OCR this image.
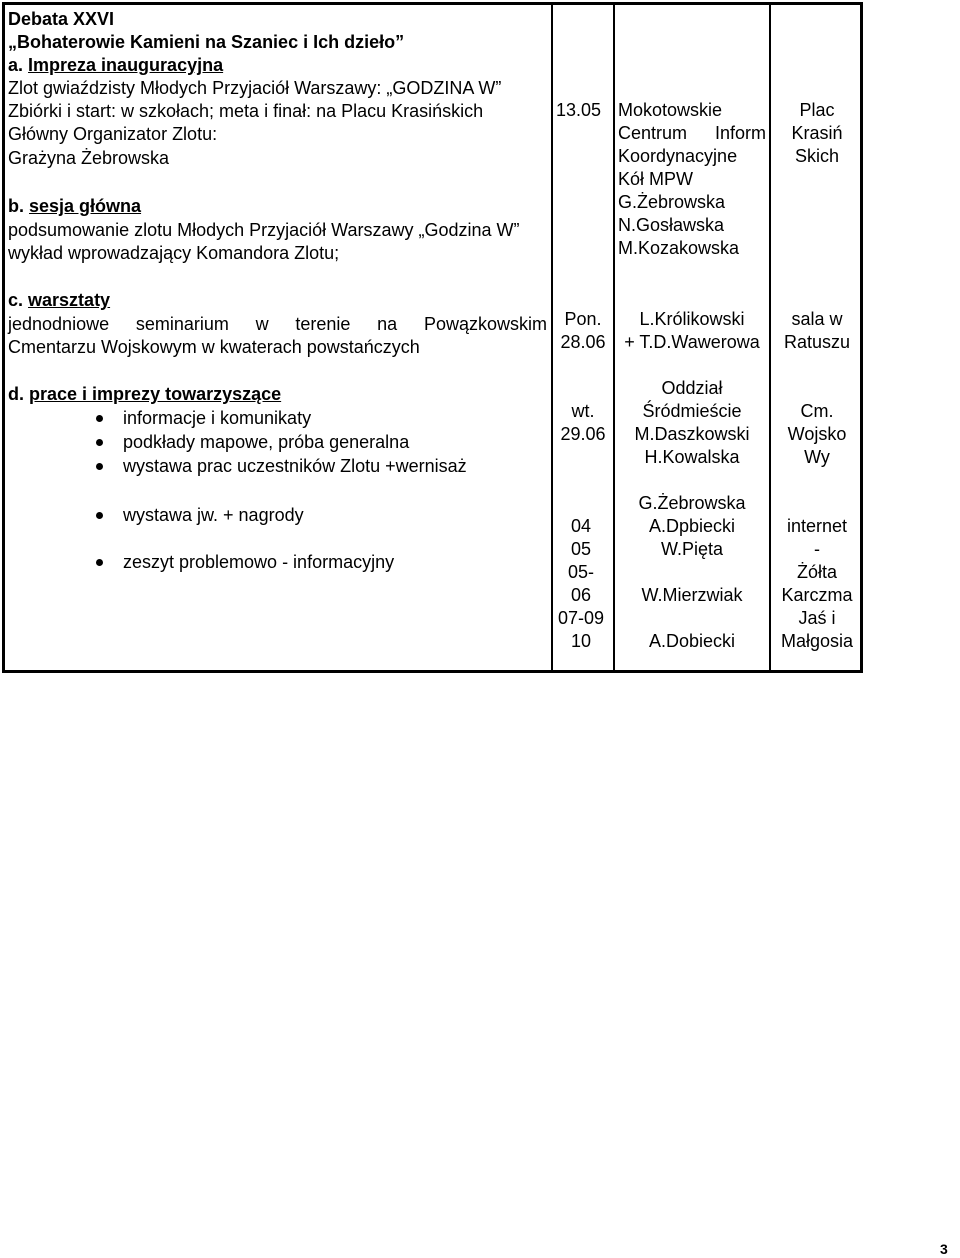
Debata XXVI
„Bohaterowie Kamieni na Szaniec i Ich dzieło”
a. Impreza inauguracyjna
Zlot gwiaździsty Młodych Przyjaciół Warszawy: „GODZINA W”
Zbiórki i start: w szkołach; meta i finał: na Placu Krasińskich
Główny Organizator Zlotu:
Grażyna Żebrowska
b. sesja główna
podsumowanie zlotu Młodych Przyjaciół Warszawy „Godzina W”
wykład wprowadzający Komandora Zlotu;
13.05 Mokotowskie
Centrum Inform
Koordynacyjne
Kół MPW
G.Żebrowska
N.Gosławska
M.Kozakowska
Plac
Krasiń
Skich
c. warsztaty
jednodniowe seminarium w terenie na Powązkowskim
Cmentarzu Wojskowym w kwaterach powstańczych
Pon.
28.06
L.Królikowski
+ T.D.Wawerowa
sala w
Ratuszu
d. prace i imprezy towarzyszące
informacje i komunikaty
podkłady mapowe, próba generalna
wystawa prac uczestników Zlotu +wernisaż
wystawa jw. + nagrody
zeszyt problemowo - informacyjny
wt.
29.06
Oddział
Śródmieście
M.Daszkowski
H.Kowalska
Cm.
Wojsko
Wy
04
05
05-
06
07-09
10
G.Żebrowska
A.Dpbiecki
W.Pięta
W.Mierzwiak
A.Dobiecki
internet
-
Żółta
Karczma
Jaś i
Małgosia
3
